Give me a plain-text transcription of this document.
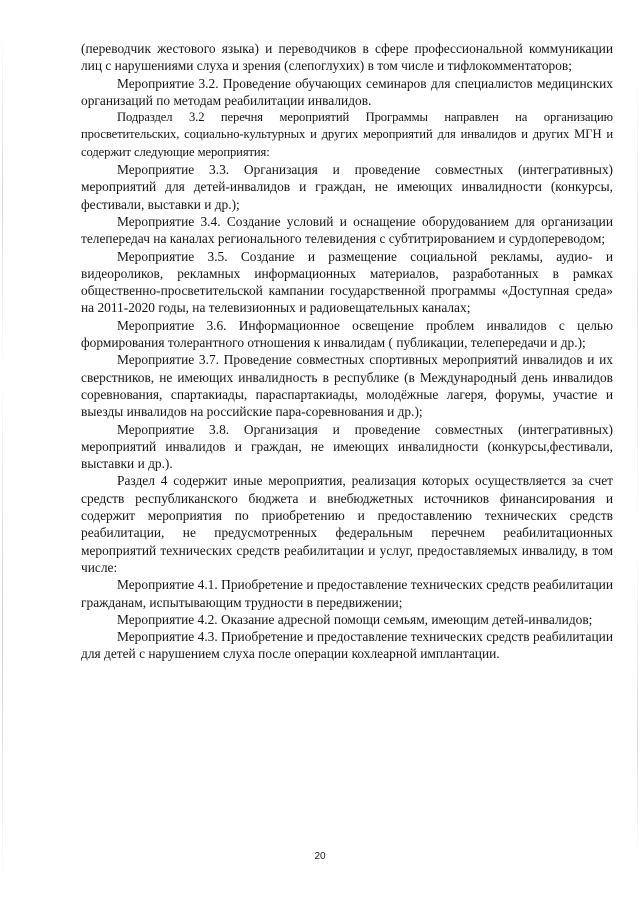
(переводчик жестового языка) и переводчиков в сфере профессиональной коммуникации лиц с нарушениями слуха и зрения (слепоглухих) в том числе и тифлокомментаторов;

Мероприятие 3.2. Проведение обучающих семинаров для специалистов медицинских организаций по методам реабилитации инвалидов.

Подраздел 3.2 перечня мероприятий Программы направлен на организацию просветительских, социально-культурных и других мероприятий для инвалидов и других МГН и содержит следующие мероприятия:

Мероприятие 3.3. Организация и проведение совместных (интегративных) мероприятий для детей-инвалидов и граждан, не имеющих инвалидности (конкурсы, фестивали, выставки и др.);

Мероприятие 3.4. Создание условий и оснащение оборудованием для организации телепередач на каналах регионального телевидения с субтитрированием и сурдопереводом;

Мероприятие 3.5. Создание и размещение социальной рекламы, аудио- и видеороликов, рекламных информационных материалов, разработанных в рамках общественно-просветительской кампании государственной программы «Доступная среда» на 2011-2020 годы, на телевизионных и радиовещательных каналах;

Мероприятие 3.6. Информационное освещение проблем инвалидов с целью формирования толерантного отношения к инвалидам ( публикации, телепередачи и др.);

Мероприятие 3.7. Проведение совместных спортивных мероприятий инвалидов и их сверстников, не имеющих инвалидность в республике (в Международный день инвалидов соревнования, спартакиады, параспартакиады, молодёжные лагеря, форумы, участие и выезды инвалидов на российские пара-соревнования и др.);

Мероприятие 3.8. Организация и проведение совместных (интегративных) мероприятий инвалидов и граждан, не имеющих инвалидности (конкурсы,фестивали, выставки и др.).

Раздел 4 содержит иные мероприятия, реализация которых осуществляется за счет средств республиканского бюджета и внебюджетных источников финансирования и содержит мероприятия по приобретению и предоставлению технических средств реабилитации, не предусмотренных федеральным перечнем реабилитационных мероприятий технических средств реабилитации и услуг, предоставляемых инвалиду, в том числе:

Мероприятие 4.1. Приобретение и предоставление технических средств реабилитации гражданам, испытывающим трудности в передвижении;

Мероприятие 4.2. Оказание адресной помощи семьям, имеющим детей-инвалидов;

Мероприятие 4.3. Приобретение и предоставление технических средств реабилитации для детей с нарушением слуха после операции кохлеарной имплантации.

20
